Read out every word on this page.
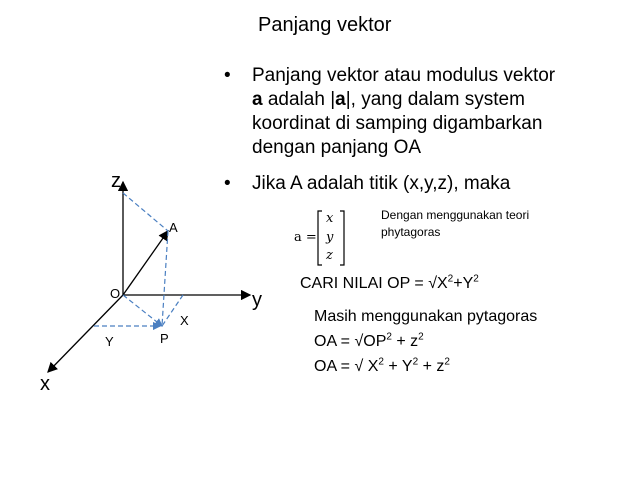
Panjang vektor
• Panjang vektor atau modulus vektor
a adalah |a|, yang dalam system
koordinat di samping digambarkan
dengan panjang OA
• Jika A adalah titik (x,y,z), maka
a =
x
y
z
Dengan menggunakan teori
phytagoras
CARI NILAI OP = $√X^2+Y^2$
Masih menggunakan pytagoras
OA = $√OP^2 + z^2$
OA = √ $X^2 + Y^2 + z^2$
z
y
x
O
A
P
X
Y
